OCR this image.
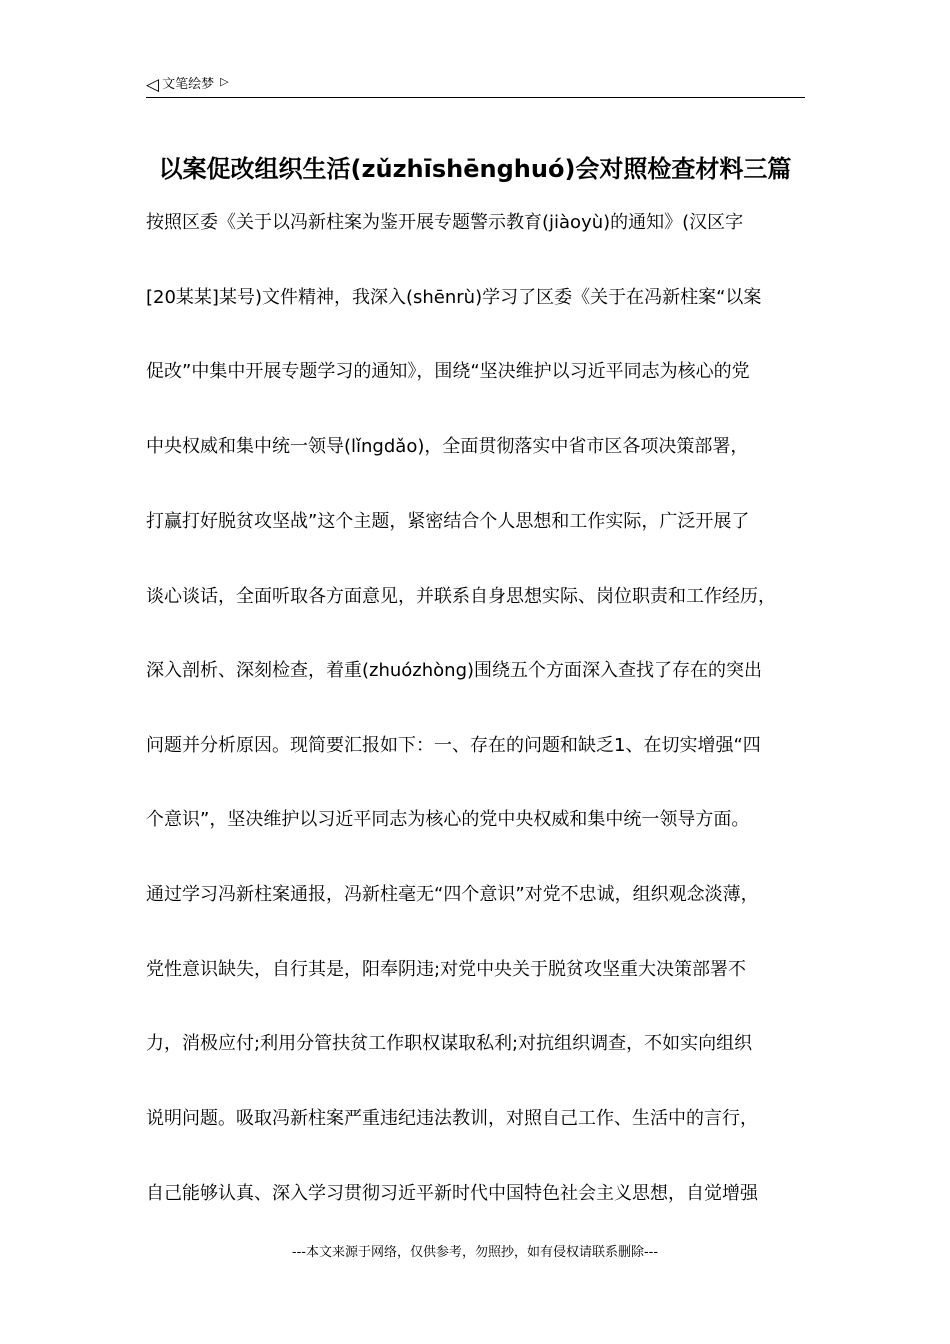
◁ 文笔绘梦 ▷
以案促改组织生活(zǔzhīshēnghuó)会对照检查材料三篇
按照区委《关于以冯新柱案为鉴开展专题警示教育(jiàoyù)的通知》(汉区字
[20某某]某号)文件精神，我深入(shēnrù)学习了区委《关于在冯新柱案“以案
促改”中集中开展专题学习的通知》，围绕“坚决维护以习近平同志为核心的党
中央权威和集中统一领导(lǐngdǎo)，全面贯彻落实中省市区各项决策部署，
打赢打好脱贫攻坚战”这个主题，紧密结合个人思想和工作实际，广泛开展了
谈心谈话，全面听取各方面意见，并联系自身思想实际、岗位职责和工作经历，
深入剖析、深刻检查，着重(zhuózhòng)围绕五个方面深入查找了存在的突出
问题并分析原因。现简要汇报如下：一、存在的问题和缺乏1、在切实增强“四
个意识”，坚决维护以习近平同志为核心的党中央权威和集中统一领导方面。
通过学习冯新柱案通报，冯新柱毫无“四个意识”对党不忠诚，组织观念淡薄，
党性意识缺失，自行其是，阳奉阴违;对党中央关于脱贫攻坚重大决策部署不
力，消极应付;利用分管扶贫工作职权谋取私利;对抗组织调查，不如实向组织
说明问题。吸取冯新柱案严重违纪违法教训，对照自己工作、生活中的言行，
自己能够认真、深入学习贯彻习近平新时代中国特色社会主义思想，自觉增强
---本文来源于网络，仅供参考，勿照抄，如有侵权请联系删除---
